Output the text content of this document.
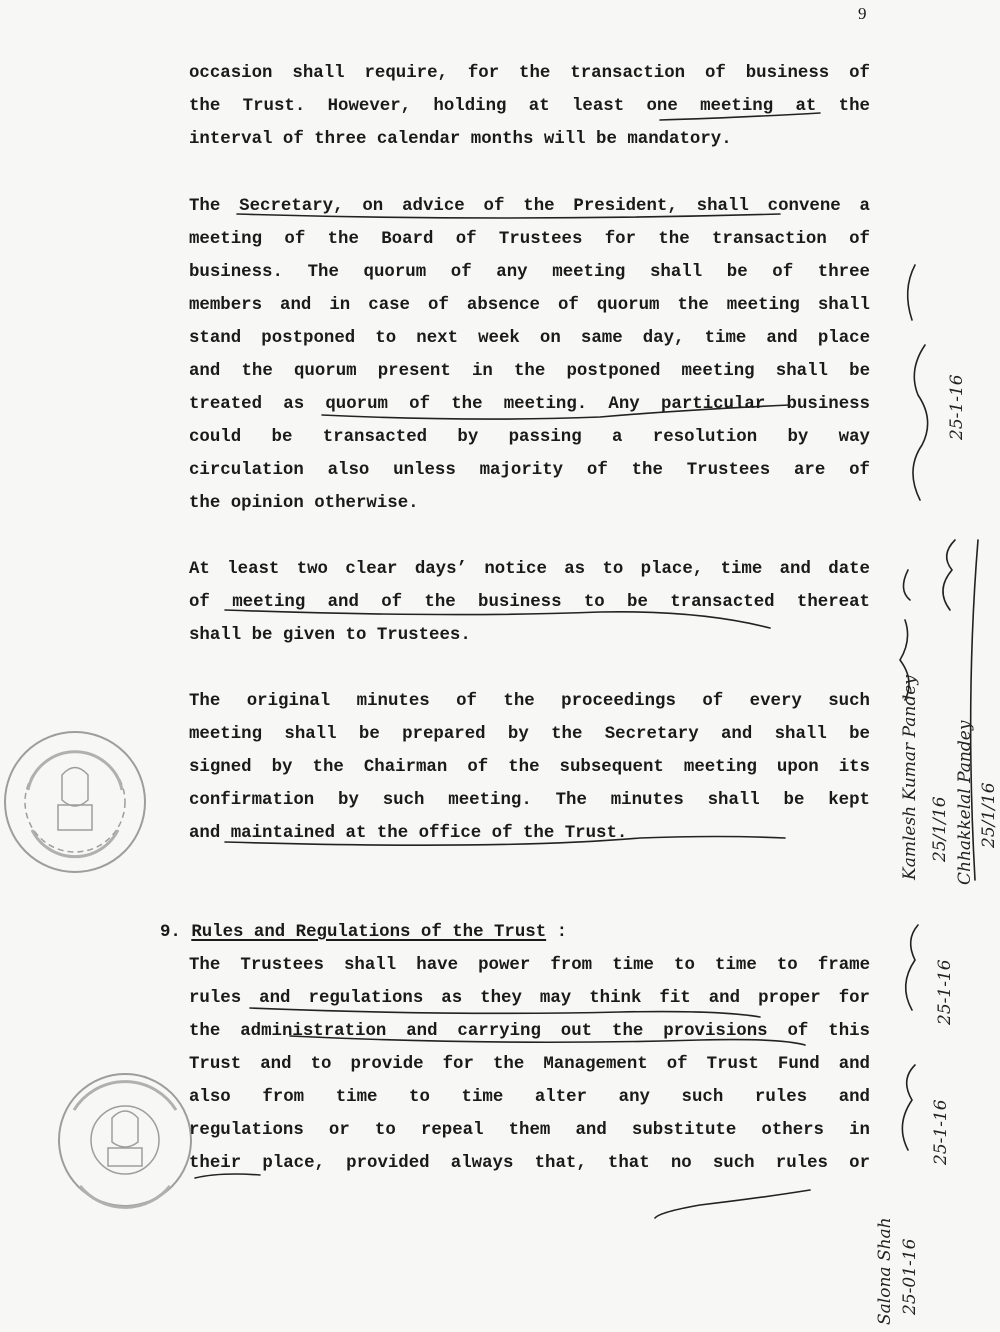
9
occasion shall require, for the transaction of business of
the Trust. However, holding at least one meeting at the
interval of three calendar months will be mandatory.
The Secretary, on advice of the President, shall convene a
meeting of the Board of Trustees for the transaction of
business. The quorum of any meeting shall be of three
members and in case of absence of quorum the meeting shall
stand postponed to next week on same day, time and place
and the quorum present in the postponed meeting shall be
treated as quorum of the meeting. Any particular business
could be transacted by passing a resolution by way
circulation also unless majority of the Trustees are of
the opinion otherwise.
At least two clear days’ notice as to place, time and date
of meeting and of the business to be transacted thereat
shall be given to Trustees.
The original minutes of the proceedings of every such
meeting shall be prepared by the Secretary and shall be
signed by the Chairman of the subsequent meeting upon its
confirmation by such meeting. The minutes shall be kept
and maintained at the office of the Trust.
9. Rules and Regulations of the Trust :
The Trustees shall have power from time to time to frame
rules and regulations as they may think fit and proper for
the administration and carrying out the provisions of this
Trust and to provide for the Management of Trust Fund and
also from time to time alter any such rules and
regulations or to repeal them and substitute others in
their place, provided always that, that no such rules or
25-1-16
Kamlesh Kumar Pandey 25/1/16 Chhakkelal Pandey 25/1/16
25-1-16
25-1-16
Salona Shah 25-01-16
